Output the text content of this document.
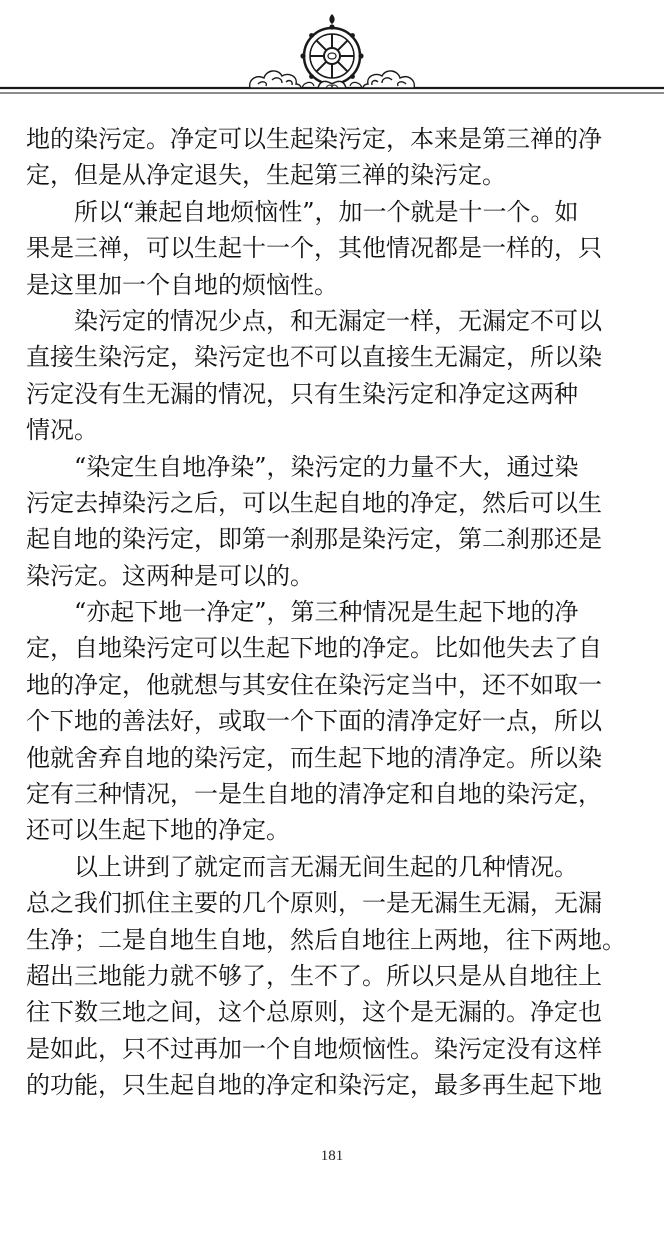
地的染污定。净定可以生起染污定，本来是第三禅的净
定，但是从净定退失，生起第三禅的染污定。
所以“兼起自地烦恼性”，加一个就是十一个。如
果是三禅，可以生起十一个，其他情况都是一样的，只
是这里加一个自地的烦恼性。
染污定的情况少点，和无漏定一样，无漏定不可以
直接生染污定，染污定也不可以直接生无漏定，所以染
污定没有生无漏的情况，只有生染污定和净定这两种
情况。
“染定生自地净染”，染污定的力量不大，通过染
污定去掉染污之后，可以生起自地的净定，然后可以生
起自地的染污定，即第一刹那是染污定，第二刹那还是
染污定。这两种是可以的。
“亦起下地一净定”，第三种情况是生起下地的净
定，自地染污定可以生起下地的净定。比如他失去了自
地的净定，他就想与其安住在染污定当中，还不如取一
个下地的善法好，或取一个下面的清净定好一点，所以
他就舍弃自地的染污定，而生起下地的清净定。所以染
定有三种情况，一是生自地的清净定和自地的染污定，
还可以生起下地的净定。
以上讲到了就定而言无漏无间生起的几种情况。
总之我们抓住主要的几个原则，一是无漏生无漏，无漏
生净；二是自地生自地，然后自地往上两地，往下两地。
超出三地能力就不够了，生不了。所以只是从自地往上
往下数三地之间，这个总原则，这个是无漏的。净定也
是如此，只不过再加一个自地烦恼性。染污定没有这样
的功能，只生起自地的净定和染污定，最多再生起下地
181
